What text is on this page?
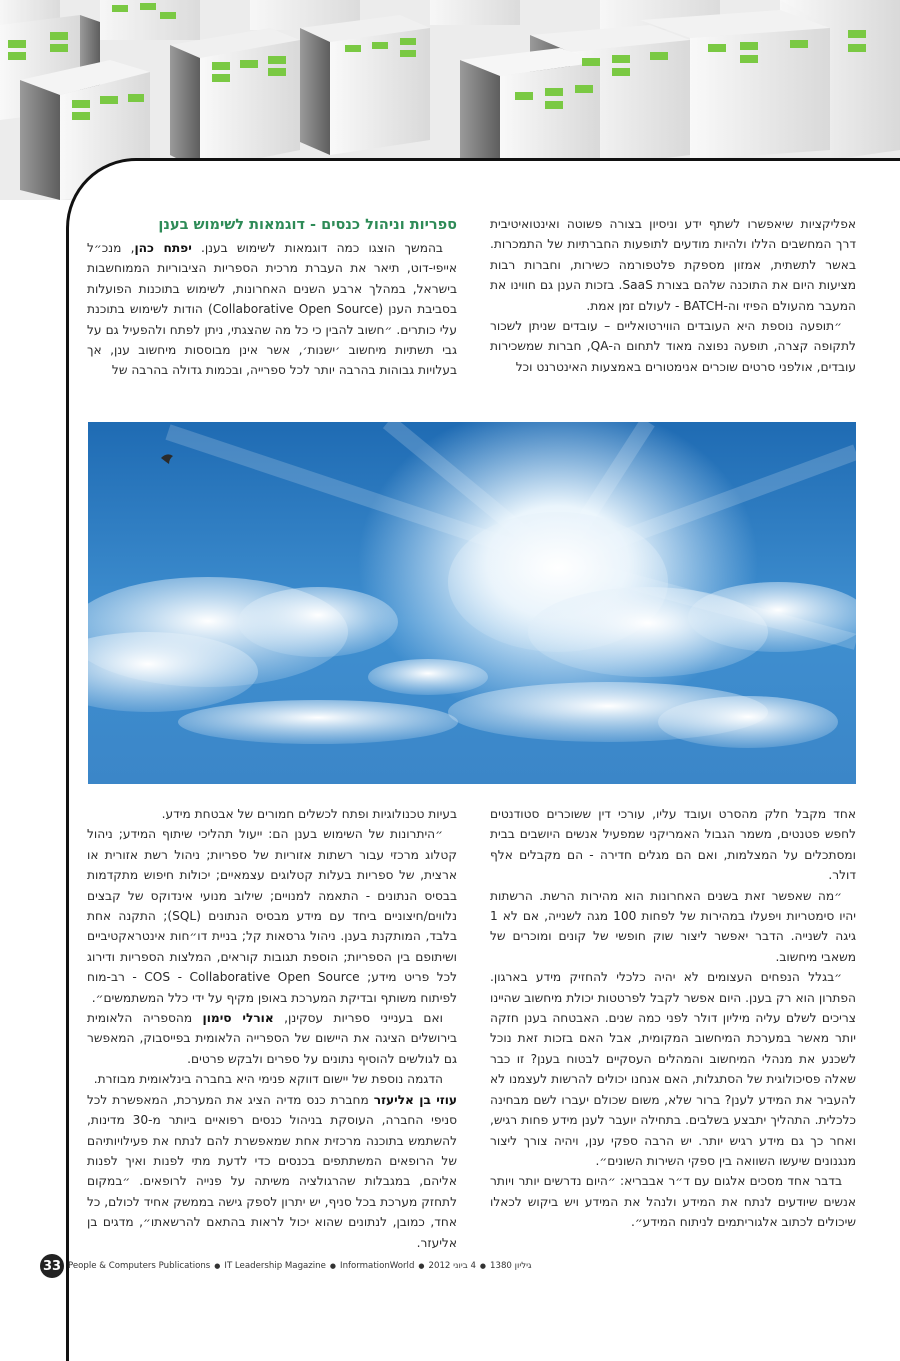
אפליקציות שיאפשרו לשתף ידע וניסיון בצורה פשוטה ואינטואיטיבית דרך המחשבים הללו ולהיות מודעים לתופעות החברתיות של התמכרות. באשר לתשתית, אמזון מספקת פלטפורמה כשירות, וחברות רבות מציעות היום את התוכנה שלהם בצורת SaaS. בזכות הענן גם חווינו את המעבר מהעולם הפיזי וה-BATCH - לעולם זמן אמת.

״תופעה נוספת היא העובדים הווירטואליים – עובדים שניתן לשכור לתקופה קצרה, תופעה נפוצה מאוד לתחום ה-QA, חברות שמשכירות עובדים, אולפני סרטים שוכרים אנימטורים באמצעות האינטרנט וכל

ספריות וניהול כנסים - דוגמאות לשימוש בענן

בהמשך הוצגו כמה דוגמאות לשימוש בענן. יפתח כהן, מנכ״ל אייפי-דוט, תיאר את העברת מרכית הספריות הציבוריות הממוחשבות בישראל, במהלך ארבע השנים האחרונות, לשימוש בתוכנות הפועלות בסביבת הענן (Collaborative Open Source) הודות לשימוש בתוכנת עלי כותרים. ״חשוב להבין כי כל מה שהצגתי, ניתן לפתח ולהפעיל גם על גבי תשתיות מיחשוב ׳ישנות׳, אשר אינן מבוססות מיחשוב ענן, אך בעלויות גבוהות בהרבה יותר לכל ספרייה, ובכמות גדולה בהרבה של

אחד מקבל חלק מהסרט ועובד עליו, עורכי דין ששוכרים סטודנטים לחפש פטנטים, משמר הגבול האמריקני שמפעיל אנשים היושבים בבית ומסתכלים על המצלמות, ואם הם מגלים חדירה - הם מקבלים אלף דולר.

״מה שאפשר זאת בשנים האחרונות הוא מהירות הרשת. הרשתות יהיו סימטריות ויפעלו במהירות של לפחות 100 מגה לשנייה, אם לא 1 גיגה לשנייה. הדבר יאפשר ליצור שוק חופשי של קונים ומוכרים של משאבי מיחשוב.

״בגלל הנפחים העצומים לא יהיה כלכלי להחזיק מידע בארגון. הפתרון הוא רק בענן. היום אפשר לקבל לפרטטות יכולת מיחשוב שהיינו צריכים לשלם עליה מיליון דולר לפני כמה שנים. האבטחה בענן חזקה יותר מאשר במערכת המיחשוב המקומית, אבל האם בזכות זאת נוכל לשכנע את מנהלי המיחשוב והמהלים העסקיים לבטוח בענן? זו כבר שאלה פסיכולוגית של הסתגלות, האם אנחנו יכולים להרשות לעצמנו לא להעביר את המידע לענן? ברור שלא, משום שכולם יעברו לשם מבחינה כלכלית. התהליך יתבצע בשלבים. בתחילה יועבר לענן מידע פחות רגיש, ואחר כך גם מידע רגיש יותר. יש הרבה ספקי ענן, ויהיה צורך ליצור מנגנונים שיעשו השוואה בין ספקי השירות השונים״.

בדבר אחד מסכים אלגום עם ד״ר אבבריא: ״היום נדרשים יותר ויותר אנשים שיודעים לנתח את המידע ולנהל את המידע ויש ביקוש לכאלו שיכולים לכתוב אלגוריתמים לניתוח המידע״.

בעיות טכנולוגיות ופתח לכשלים חמורים של אבטחת מידע.

״היתרונות של השימוש בענן הם: ייעול תהליכי שיתוף המידע; ניהול קטלוג מרכזי עבור רשתות אזוריות של ספריות; ניהול רשת אזורית או ארצית, של ספריות בעלות קטלוגים עצמאיים; יכולות חיפוש מתקדמות בבסיס הנתונים - התאמה למנויים; שילוב מנועי אינדוקס של קבצים נלווים/חיצוניים ביחד עם מידע מבסיס הנתונים (SQL); התקנה אחת בלבד, המותקנת בענן. ניהול גרסאות קל; בניית דו״חות אינטראקטיביים ושיתופם בין הספריות; הוספת תגובות קוראים, המלצות הספריות ודירוג לכל פריט מידע; COS - Collaborative Open Source - רב-מוח לפיתוח משותף ובדיקת המערכת באופן מקיף על ידי כלל המשתמשים״.

ואם בענייני ספריות עסקינן, אורלי סימון מהספריה הלאומית בירושלים הציגה את היישום של הספרייה הלאומית בפייסבוק, המאפשר גם לגולשים להוסיף נתונים על ספרים ולבקש פרטים.

הדגמה נוספת של יישום דווקא פנימי היא בחברה בינלאומית מבוזרת.

עוזי בן אליעזר מחברת כנס מדיה הציג את המערכת, המאפשרת לכל סניפי החברה, העוסקת בניהול כנסים רפואיים ביותר מ-30 מדינות, להשתמש בתוכנה מרכזית אחת שמאפשרת להם לנתח את פעילויותיהם של הרופאים המשתתפים בכנסים כדי לדעת מתי לפנות ואיך לפנות אליהם, במגבלות שהרגולציה משיתה על פנייה לרופאים. ״במקום לתחזק מערכת בכל סניף, יש יתרון לספק גישה בממשק אחיד לכולם, כל אחד, כמובן, לנתונים שהוא יכול לראות בהתאם להרשאתו״, מדגים בן אליעזר.

33 People & Computers Publications ● IT Leadership Magazine ● InformationWorld ● 4 ביוני 2012 ● גיליון 1380
